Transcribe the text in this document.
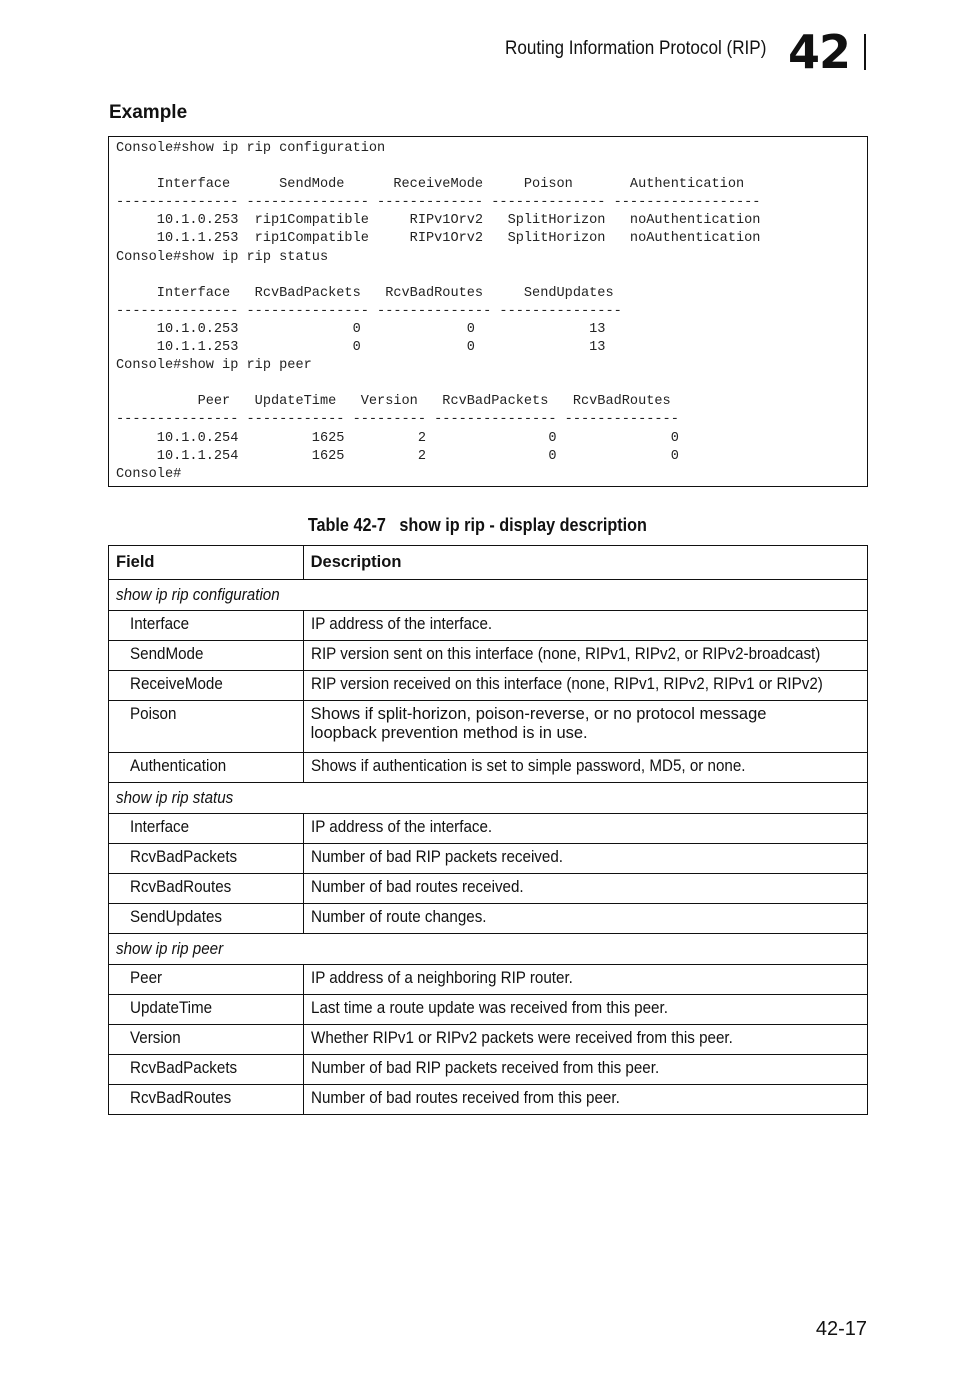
Routing Information Protocol (RIP) 42
Example
Console#show ip rip configuration

Interface      SendMode      ReceiveMode     Poison       Authentication
--------------- --------------- ------------- -------------- ------------------
10.1.0.253  rip1Compatible     RIPv1Orv2   SplitHorizon   noAuthentication
10.1.1.253  rip1Compatible     RIPv1Orv2   SplitHorizon   noAuthentication
Console#show ip rip status

Interface   RcvBadPackets   RcvBadRoutes     SendUpdates
--------------- --------------- -------------- ---------------
10.1.0.253              0             0              13
10.1.1.253              0             0              13
Console#show ip rip peer

Peer   UpdateTime   Version   RcvBadPackets   RcvBadRoutes
--------------- ------------ --------- --------------- --------------
10.1.0.254         1625         2               0              0
10.1.1.254         1625         2               0              0
Console#
Table 42-7   show ip rip - display description
Field	Description
show ip rip configuration	
Interface	IP address of the interface.
SendMode	RIP version sent on this interface (none, RIPv1, RIPv2, or RIPv2-broadcast)
ReceiveMode	RIP version received on this interface (none, RIPv1, RIPv2, RIPv1 or RIPv2)
Poison	Shows if split-horizon, poison-reverse, or no protocol message loopback prevention method is in use.

Authentication	Shows if authentication is set to simple password, MD5, or none.
show ip rip status	
Interface	IP address of the interface.
RcvBadPackets	Number of bad RIP packets received.
RcvBadRoutes	Number of bad routes received.
SendUpdates	Number of route changes.
show ip rip peer	
Peer	IP address of a neighboring RIP router.
UpdateTime	Last time a route update was received from this peer.
Version	Whether RIPv1 or RIPv2 packets were received from this peer.
RcvBadPackets	Number of bad RIP packets received from this peer.
RcvBadRoutes	Number of bad routes received from this peer.
42-17
